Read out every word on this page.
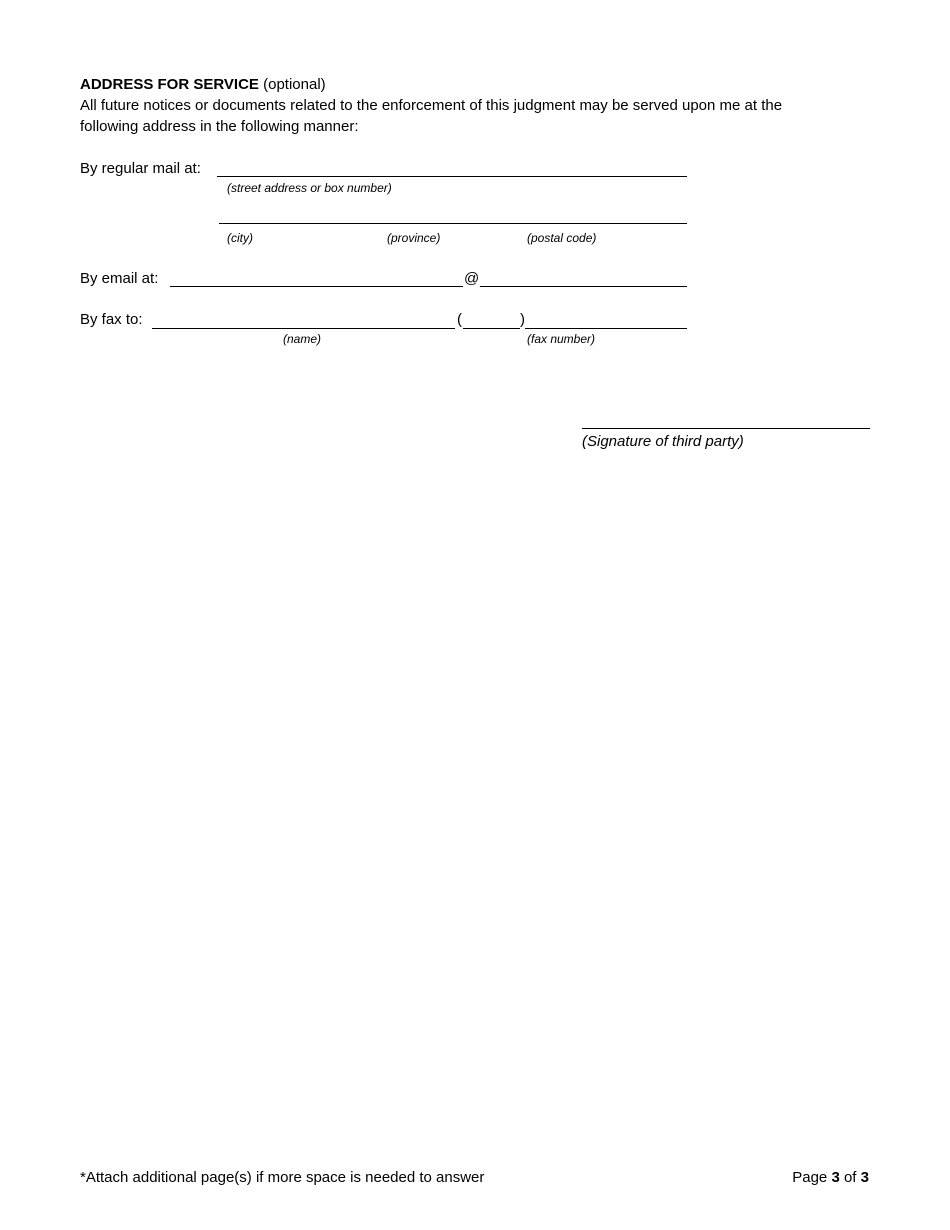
ADDRESS FOR SERVICE (optional)
All future notices or documents related to the enforcement of this judgment may be served upon me at the
following address in the following manner:
By regular mail at:
(street address or box number)
(city)	(province)	(postal code)
By email at:	@
By fax to:	(	)
(name)	(fax number)
(Signature of third party)
*Attach additional page(s) if more space is needed to answer	Page 3 of 3
